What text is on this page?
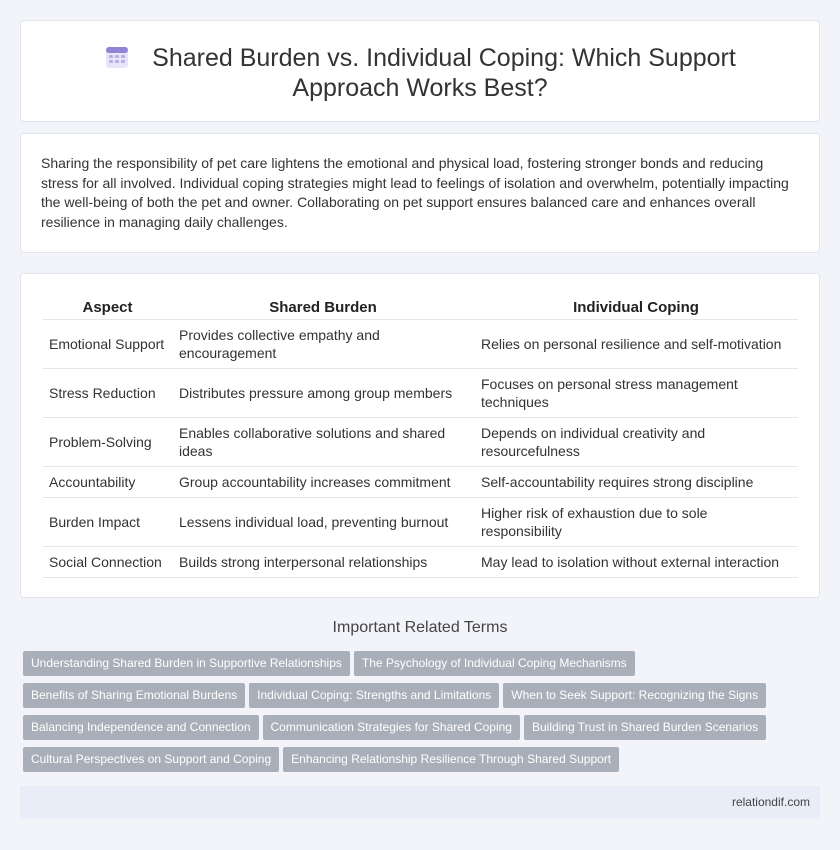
Shared Burden vs. Individual Coping: Which Support Approach Works Best?

Sharing the responsibility of pet care lightens the emotional and physical load, fostering stronger bonds and reducing stress for all involved. Individual coping strategies might lead to feelings of isolation and overwhelm, potentially impacting the well-being of both the pet and owner. Collaborating on pet support ensures balanced care and enhances overall resilience in managing daily challenges.

Aspect	Shared Burden	Individual Coping
Emotional Support	Provides collective empathy and encouragement	Relies on personal resilience and self-motivation
Stress Reduction	Distributes pressure among group members	Focuses on personal stress management techniques
Problem-Solving	Enables collaborative solutions and shared ideas	Depends on individual creativity and resourcefulness
Accountability	Group accountability increases commitment	Self-accountability requires strong discipline
Burden Impact	Lessens individual load, preventing burnout	Higher risk of exhaustion due to sole responsibility
Social Connection	Builds strong interpersonal relationships	May lead to isolation without external interaction
Important Related Terms
Understanding Shared Burden in Supportive Relationships The Psychology of Individual Coping Mechanisms
Benefits of Sharing Emotional Burdens Individual Coping: Strengths and Limitations When to Seek Support: Recognizing the Signs
Balancing Independence and Connection Communication Strategies for Shared Coping Building Trust in Shared Burden Scenarios
Cultural Perspectives on Support and Coping Enhancing Relationship Resilience Through Shared Support
relationdif.com
